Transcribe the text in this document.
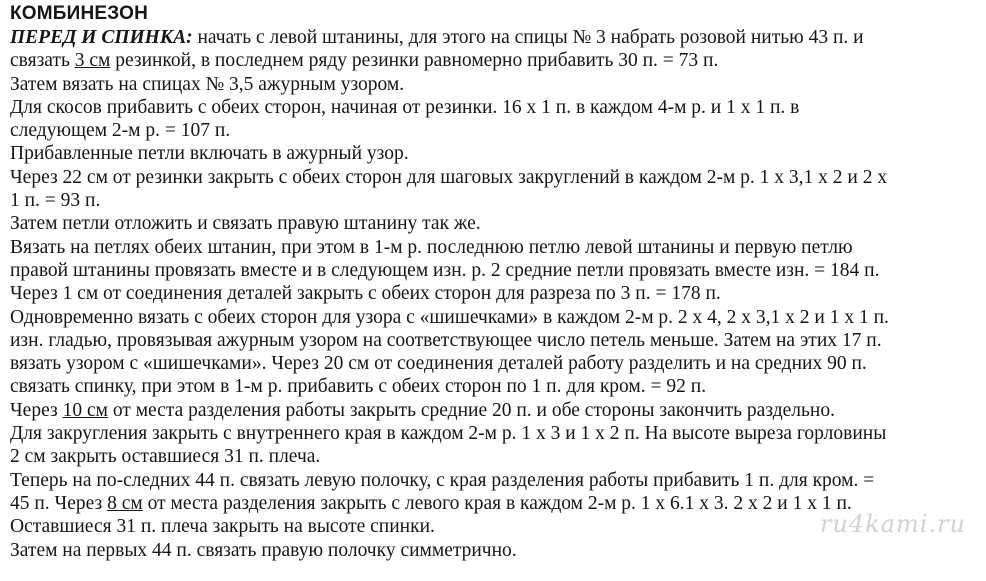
КОМБИНЕЗОН
ПЕРЕД И СПИНКА: начать с левой штанины, для этого на спицы № 3 набрать розовой нитью 43 п. и
связать 3 см резинкой, в последнем ряду резинки равномерно прибавить 30 п. = 73 п.
Затем вязать на спицах № 3,5 ажурным узором.
Для скосов прибавить с обеих сторон, начиная от резинки. 16 х 1 п. в каждом 4-м р. и 1 х 1 п. в
следующем 2-м р. = 107 п.
Прибавленные петли включать в ажурный узор.
Через 22 см от резинки закрыть с обеих сторон для шаговых закруглений в каждом 2-м р. 1 х 3,1 х 2 и 2 х
1 п. = 93 п.
Затем петли отложить и связать правую штанину так же.
Вязать на петлях обеих штанин, при этом в 1-м р. последнюю петлю левой штанины и первую петлю
правой штанины провязать вместе и в следующем изн. р. 2 средние петли провязать вместе изн. = 184 п.
Через 1 см от соединения деталей закрыть с обеих сторон для разреза по 3 п. = 178 п.
Одновременно вязать с обеих сторон для узора с «шишечками» в каждом 2-м р. 2 х 4, 2 х 3,1 х 2 и 1 х 1 п.
изн. гладью, провязывая ажурным узором на соответствующее число петель меньше. Затем на этих 17 п.
вязать узором с «шишечками». Через 20 см от соединения деталей работу разделить и на средних 90 п.
связать спинку, при этом в 1-м р. прибавить с обеих сторон по 1 п. для кром. = 92 п.
Через 10 см от места разделения работы закрыть средние 20 п. и обе стороны закончить раздельно.
Для закругления закрыть с внутреннего края в каждом 2-м р. 1 х 3 и 1 х 2 п. На высоте выреза горловины
2 см закрыть оставшиеся 31 п. плеча.
Теперь на по-следних 44 п. связать левую полочку, с края разделения работы прибавить 1 п. для кром. =
45 п. Через 8 см от места разделения закрыть с левого края в каждом 2-м р. 1 х 6.1 х 3. 2 х 2 и 1 х 1 п.
Оставшиеся 31 п. плеча закрыть на высоте спинки.
Затем на первых 44 п. связать правую полочку симметрично.
ru4kami.ru
